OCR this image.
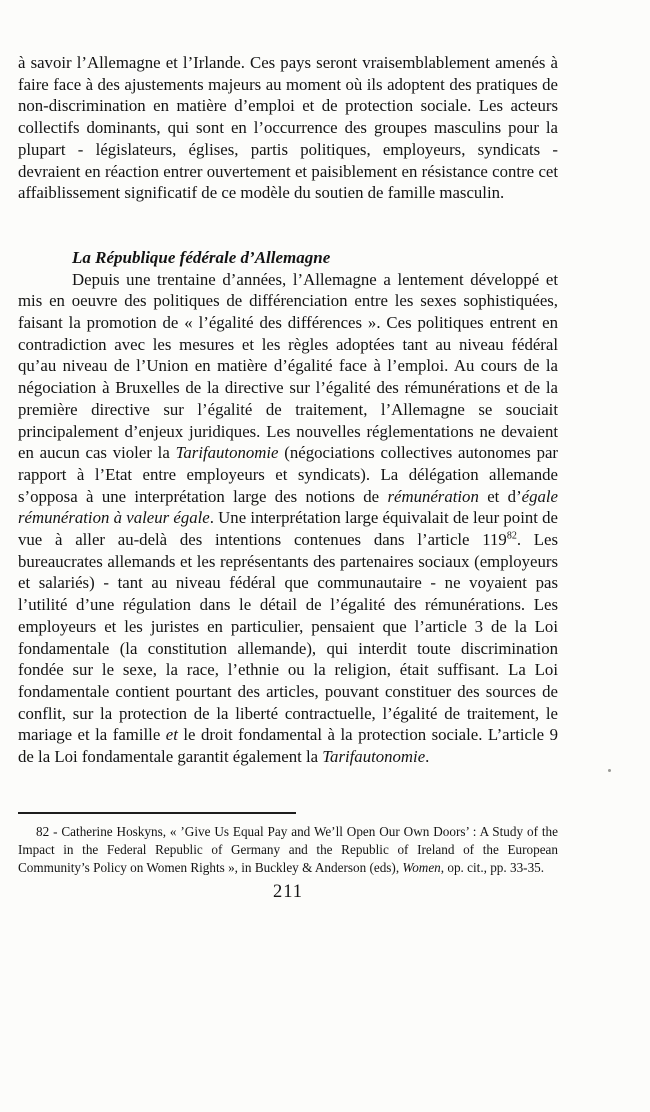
à savoir l’Allemagne et l’Irlande. Ces pays seront vraisemblablement amenés à faire face à des ajustements majeurs au moment où ils adoptent des pratiques de non-discrimination en matière d’emploi et de protection sociale. Les acteurs collectifs dominants, qui sont en l’occurrence des groupes masculins pour la plupart - législateurs, églises, partis politiques, employeurs, syndicats - devraient en réaction entrer ouvertement et paisiblement en résistance contre cet affaiblissement significatif de ce modèle du soutien de famille masculin.

La République fédérale d’Allemagne

Depuis une trentaine d’années, l’Allemagne a lentement développé et mis en oeuvre des politiques de différenciation entre les sexes sophistiquées, faisant la promotion de « l’égalité des différences ». Ces politiques entrent en contradiction avec les mesures et les règles adoptées tant au niveau fédéral qu’au niveau de l’Union en matière d’égalité face à l’emploi. Au cours de la négociation à Bruxelles de la directive sur l’égalité des rémunérations et de la première directive sur l’égalité de traitement, l’Allemagne se souciait principalement d’enjeux juridiques. Les nouvelles réglementations ne devaient en aucun cas violer la Tarifautonomie (négociations collectives autonomes par rapport à l’Etat entre employeurs et syndicats). La délégation allemande s’opposa à une interprétation large des notions de rémunération et d’égale rémunération à valeur égale. Une interprétation large équivalait de leur point de vue à aller au-delà des intentions contenues dans l’article $119^{82}$. Les bureaucrates allemands et les représentants des partenaires sociaux (employeurs et salariés) - tant au niveau fédéral que communautaire - ne voyaient pas l’utilité d’une régulation dans le détail de l’égalité des rémunérations. Les employeurs et les juristes en particulier, pensaient que l’article 3 de la Loi fondamentale (la constitution allemande), qui interdit toute discrimination fondée sur le sexe, la race, l’ethnie ou la religion, était suffisant. La Loi fondamentale contient pourtant des articles, pouvant constituer des sources de conflit, sur la protection de la liberté contractuelle, l’égalité de traitement, le mariage et la famille et le droit fondamental à la protection sociale. L’article 9 de la Loi fondamentale garantit également la Tarifautonomie.

82 - Catherine Hoskyns, « ’Give Us Equal Pay and We’ll Open Our Own Doors’ : A Study of the Impact in the Federal Republic of Germany and the Republic of Ireland of the European Community’s Policy on Women Rights », in Buckley & Anderson (eds), Women, op. cit., pp. 33-35.

211
